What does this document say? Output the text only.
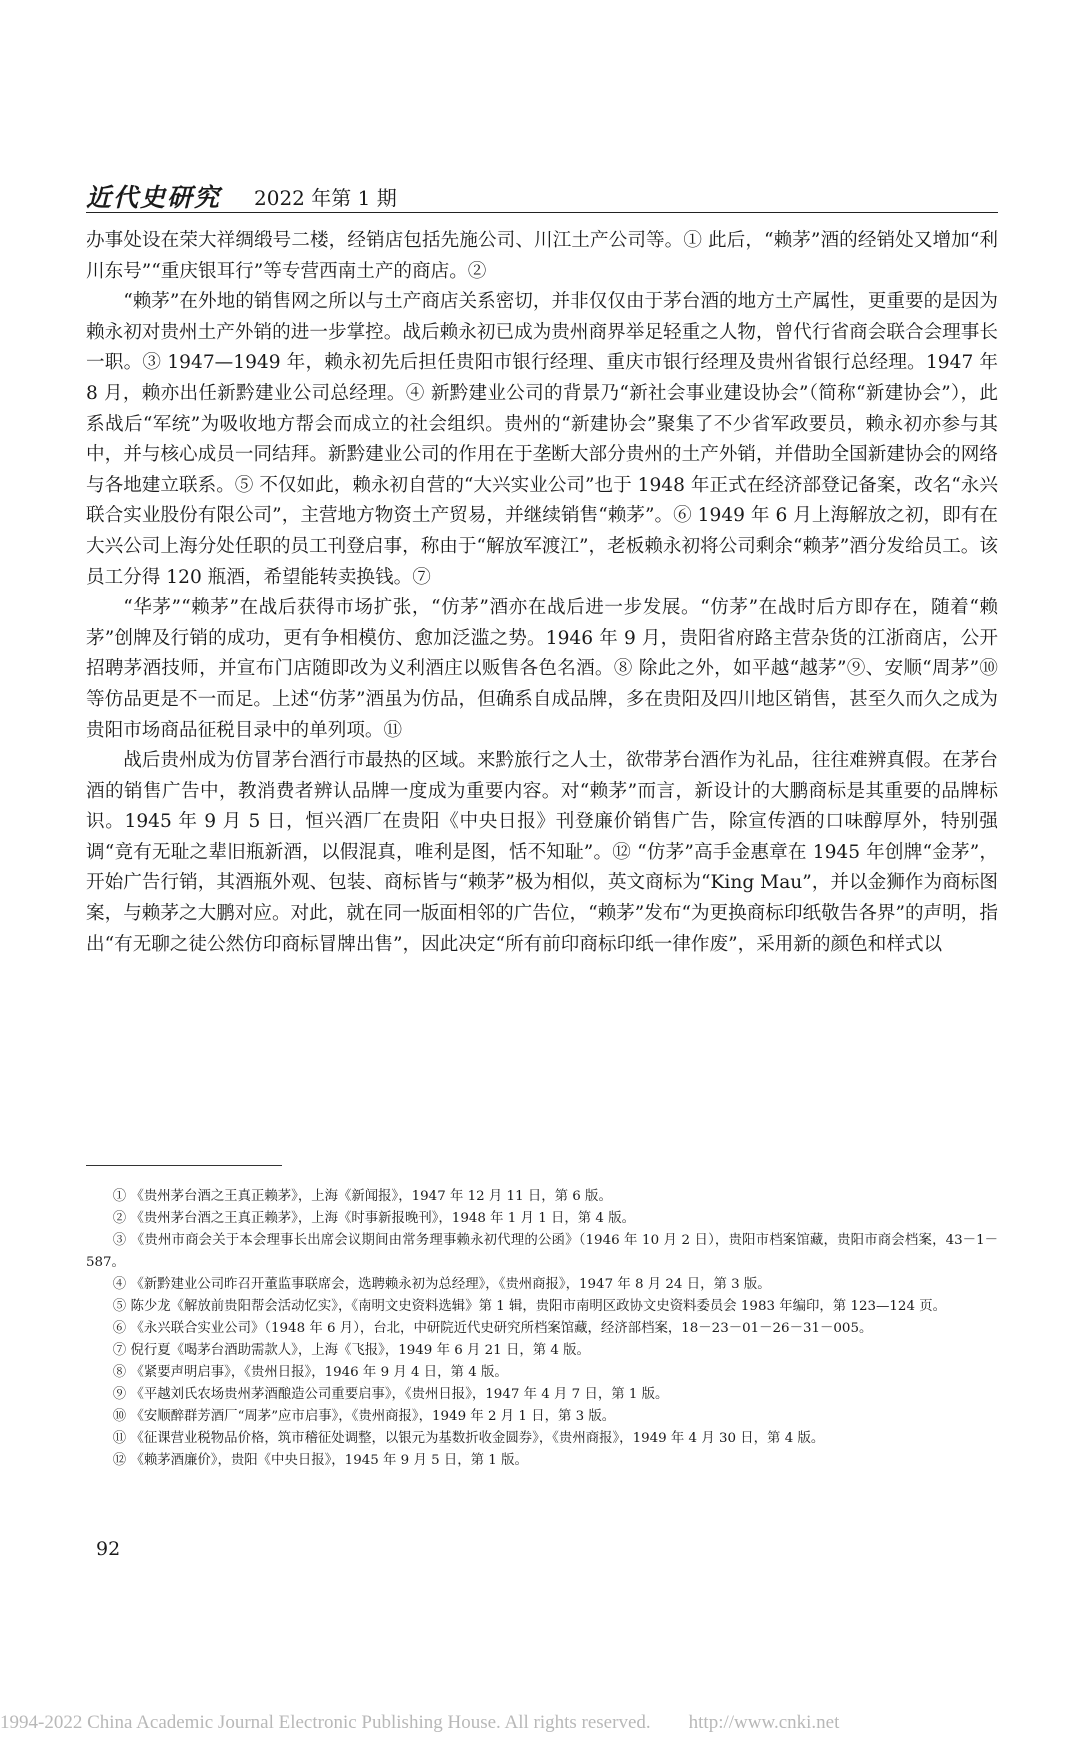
近代史研究 2022 年第 1 期

办事处设在荣大祥绸缎号二楼，经销店包括先施公司、川江土产公司等。① 此后，“赖茅”酒的经销处又增加“利川东号”“重庆银耳行”等专营西南土产的商店。②

“赖茅”在外地的销售网之所以与土产商店关系密切，并非仅仅由于茅台酒的地方土产属性，更重要的是因为赖永初对贵州土产外销的进一步掌控。战后赖永初已成为贵州商界举足轻重之人物，曾代行省商会联合会理事长一职。③ 1947—1949 年，赖永初先后担任贵阳市银行经理、重庆市银行经理及贵州省银行总经理。1947 年 8 月，赖亦出任新黔建业公司总经理。④ 新黔建业公司的背景乃“新社会事业建设协会”（简称“新建协会”），此系战后“军统”为吸收地方帮会而成立的社会组织。贵州的“新建协会”聚集了不少省军政要员，赖永初亦参与其中，并与核心成员一同结拜。新黔建业公司的作用在于垄断大部分贵州的土产外销，并借助全国新建协会的网络与各地建立联系。⑤ 不仅如此，赖永初自营的“大兴实业公司”也于 1948 年正式在经济部登记备案，改名“永兴联合实业股份有限公司”，主营地方物资土产贸易，并继续销售“赖茅”。⑥ 1949 年 6 月上海解放之初，即有在大兴公司上海分处任职的员工刊登启事，称由于“解放军渡江”，老板赖永初将公司剩余“赖茅”酒分发给员工。该员工分得 120 瓶酒，希望能转卖换钱。⑦

“华茅”“赖茅”在战后获得市场扩张，“仿茅”酒亦在战后进一步发展。“仿茅”在战时后方即存在，随着“赖茅”创牌及行销的成功，更有争相模仿、愈加泛滥之势。1946 年 9 月，贵阳省府路主营杂货的江浙商店，公开招聘茅酒技师，并宣布门店随即改为义利酒庄以贩售各色名酒。⑧ 除此之外，如平越“越茅”⑨、安顺“周茅”⑩等仿品更是不一而足。上述“仿茅”酒虽为仿品，但确系自成品牌，多在贵阳及四川地区销售，甚至久而久之成为贵阳市场商品征税目录中的单列项。⑪

战后贵州成为仿冒茅台酒行市最热的区域。来黔旅行之人士，欲带茅台酒作为礼品，往往难辨真假。在茅台酒的销售广告中，教消费者辨认品牌一度成为重要内容。对“赖茅”而言，新设计的大鹏商标是其重要的品牌标识。1945 年 9 月 5 日，恒兴酒厂在贵阳《中央日报》刊登廉价销售广告，除宣传酒的口味醇厚外，特别强调“竟有无耻之辈旧瓶新酒，以假混真，唯利是图，恬不知耻”。⑫ “仿茅”高手金惠章在 1945 年创牌“金茅”，开始广告行销，其酒瓶外观、包装、商标皆与“赖茅”极为相似，英文商标为“King Mau”，并以金狮作为商标图案，与赖茅之大鹏对应。对此，就在同一版面相邻的广告位，“赖茅”发布“为更换商标印纸敬告各界”的声明，指出“有无聊之徒公然仿印商标冒牌出售”，因此决定“所有前印商标印纸一律作废”，采用新的颜色和样式以

① 《贵州茅台酒之王真正赖茅》，上海《新闻报》，1947 年 12 月 11 日，第 6 版。

② 《贵州茅台酒之王真正赖茅》，上海《时事新报晚刊》，1948 年 1 月 1 日，第 4 版。

③ 《贵州市商会关于本会理事长出席会议期间由常务理事赖永初代理的公函》（1946 年 10 月 2 日），贵阳市档案馆藏，贵阳市商会档案，43－1－587。

④ 《新黔建业公司昨召开董监事联席会，选聘赖永初为总经理》，《贵州商报》，1947 年 8 月 24 日，第 3 版。

⑤ 陈少龙《解放前贵阳帮会活动忆实》，《南明文史资料选辑》第 1 辑，贵阳市南明区政协文史资料委员会 1983 年编印，第 123—124 页。

⑥ 《永兴联合实业公司》（1948 年 6 月），台北，中研院近代史研究所档案馆藏，经济部档案，18－23－01－26－31－005。

⑦ 倪行夏《喝茅台酒助需款人》，上海《飞报》，1949 年 6 月 21 日，第 4 版。

⑧ 《紧要声明启事》，《贵州日报》，1946 年 9 月 4 日，第 4 版。

⑨ 《平越刘氏农场贵州茅酒酿造公司重要启事》，《贵州日报》，1947 年 4 月 7 日，第 1 版。

⑩ 《安顺醉群芳酒厂“周茅”应市启事》，《贵州商报》，1949 年 2 月 1 日，第 3 版。

⑪ 《征课营业税物品价格，筑市稽征处调整，以银元为基数折收金圆券》，《贵州商报》，1949 年 4 月 30 日，第 4 版。

⑫ 《赖茅酒廉价》，贵阳《中央日报》，1945 年 9 月 5 日，第 1 版。

92
1994-2022 China Academic Journal Electronic Publishing House. All rights reserved. http://www.cnki.net
